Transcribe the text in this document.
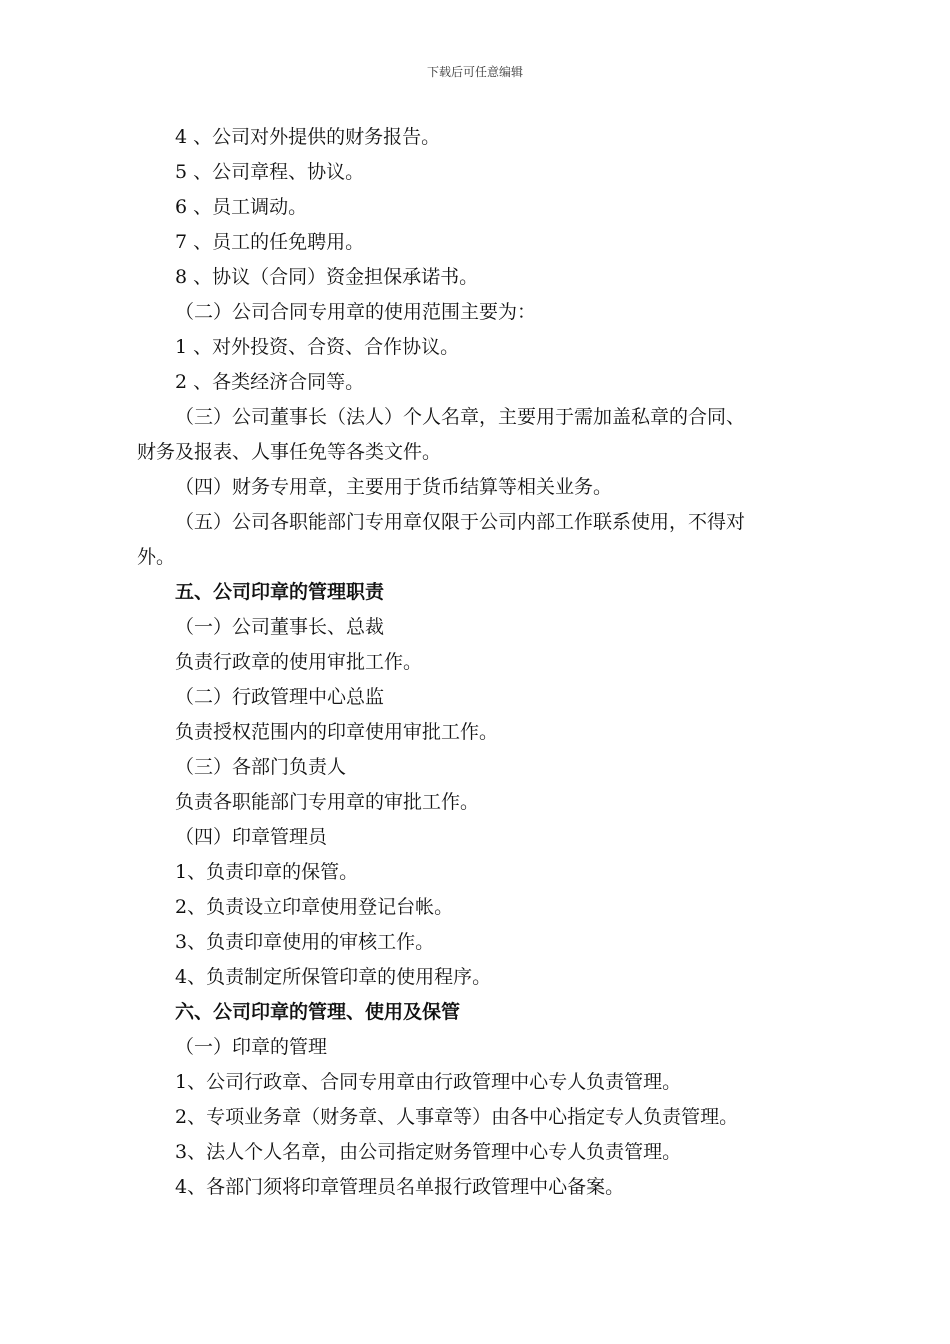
下载后可任意编辑
4 、公司对外提供的财务报告。
5 、公司章程、协议。
6 、员工调动。
7 、员工的任免聘用。
8 、协议（合同）资金担保承诺书。
（二）公司合同专用章的使用范围主要为：
1 、对外投资、合资、合作协议。
2 、各类经济合同等。
（三）公司董事长（法人）个人名章，主要用于需加盖私章的合同、
财务及报表、人事任免等各类文件。
（四）财务专用章，主要用于货币结算等相关业务。
（五）公司各职能部门专用章仅限于公司内部工作联系使用，不得对
外。
五、公司印章的管理职责
（一）公司董事长、总裁
负责行政章的使用审批工作。
（二）行政管理中心总监
负责授权范围内的印章使用审批工作。
（三）各部门负责人
负责各职能部门专用章的审批工作。
（四）印章管理员
1、负责印章的保管。
2、负责设立印章使用登记台帐。
3、负责印章使用的审核工作。
4、负责制定所保管印章的使用程序。
六、公司印章的管理、使用及保管
（一）印章的管理
1、公司行政章、合同专用章由行政管理中心专人负责管理。
2、专项业务章（财务章、人事章等）由各中心指定专人负责管理。
3、法人个人名章，由公司指定财务管理中心专人负责管理。
4、各部门须将印章管理员名单报行政管理中心备案。
